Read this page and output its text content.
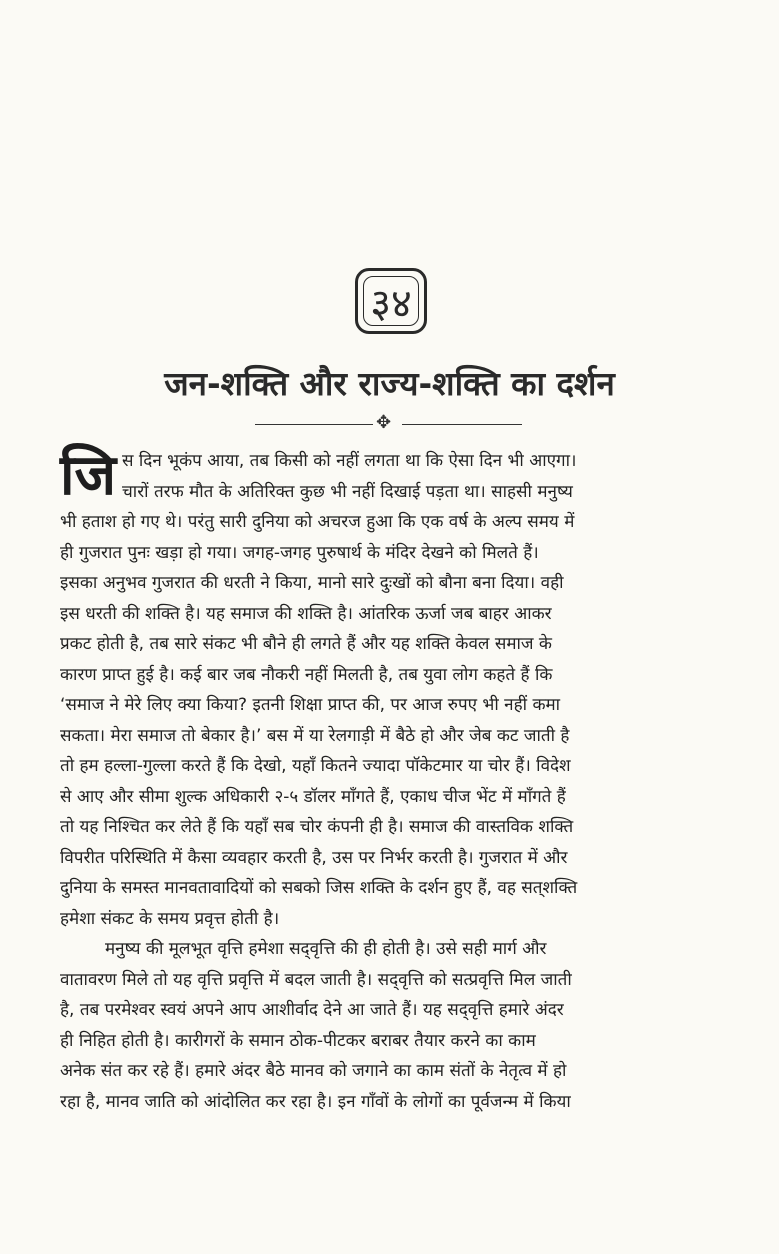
३४
जन-शक्ति और राज्य-शक्ति का दर्शन
✥
जि स दिन भूकंप आया, तब किसी को नहीं लगता था कि ऐसा दिन भी आएगा।
चारों तरफ मौत के अतिरिक्त कुछ भी नहीं दिखाई पड़ता था। साहसी मनुष्य
भी हताश हो गए थे। परंतु सारी दुनिया को अचरज हुआ कि एक वर्ष के अल्प समय में
ही गुजरात पुनः खड़ा हो गया। जगह-जगह पुरुषार्थ के मंदिर देखने को मिलते हैं।
इसका अनुभव गुजरात की धरती ने किया, मानो सारे दुःखों को बौना बना दिया। वही
इस धरती की शक्ति है। यह समाज की शक्ति है। आंतरिक ऊर्जा जब बाहर आकर
प्रकट होती है, तब सारे संकट भी बौने ही लगते हैं और यह शक्ति केवल समाज के
कारण प्राप्त हुई है। कई बार जब नौकरी नहीं मिलती है, तब युवा लोग कहते हैं कि
‘समाज ने मेरे लिए क्या किया? इतनी शिक्षा प्राप्त की, पर आज रुपए भी नहीं कमा
सकता। मेरा समाज तो बेकार है।’ बस में या रेलगाड़ी में बैठे हो और जेब कट जाती है
तो हम हल्ला-गुल्ला करते हैं कि देखो, यहाँ कितने ज्यादा पॉकेटमार या चोर हैं। विदेश
से आए और सीमा शुल्क अधिकारी २-५ डॉलर माँगते हैं, एकाध चीज भेंट में माँगते हैं
तो यह निश्चित कर लेते हैं कि यहाँ सब चोर कंपनी ही है। समाज की वास्तविक शक्ति
विपरीत परिस्थिति में कैसा व्यवहार करती है, उस पर निर्भर करती है। गुजरात में और
दुनिया के समस्त मानवतावादियों को सबको जिस शक्ति के दर्शन हुए हैं, वह सत्‌शक्ति
हमेशा संकट के समय प्रवृत्त होती है।
मनुष्य की मूलभूत वृत्ति हमेशा सद्‌वृत्ति की ही होती है। उसे सही मार्ग और
वातावरण मिले तो यह वृत्ति प्रवृत्ति में बदल जाती है। सद्‌वृत्ति को सत्प्रवृत्ति मिल जाती
है, तब परमेश्वर स्वयं अपने आप आशीर्वाद देने आ जाते हैं। यह सद्‌वृत्ति हमारे अंदर
ही निहित होती है। कारीगरों के समान ठोक-पीटकर बराबर तैयार करने का काम
अनेक संत कर रहे हैं। हमारे अंदर बैठे मानव को जगाने का काम संतों के नेतृत्व में हो
रहा है, मानव जाति को आंदोलित कर रहा है। इन गाँवों के लोगों का पूर्वजन्म में किया
